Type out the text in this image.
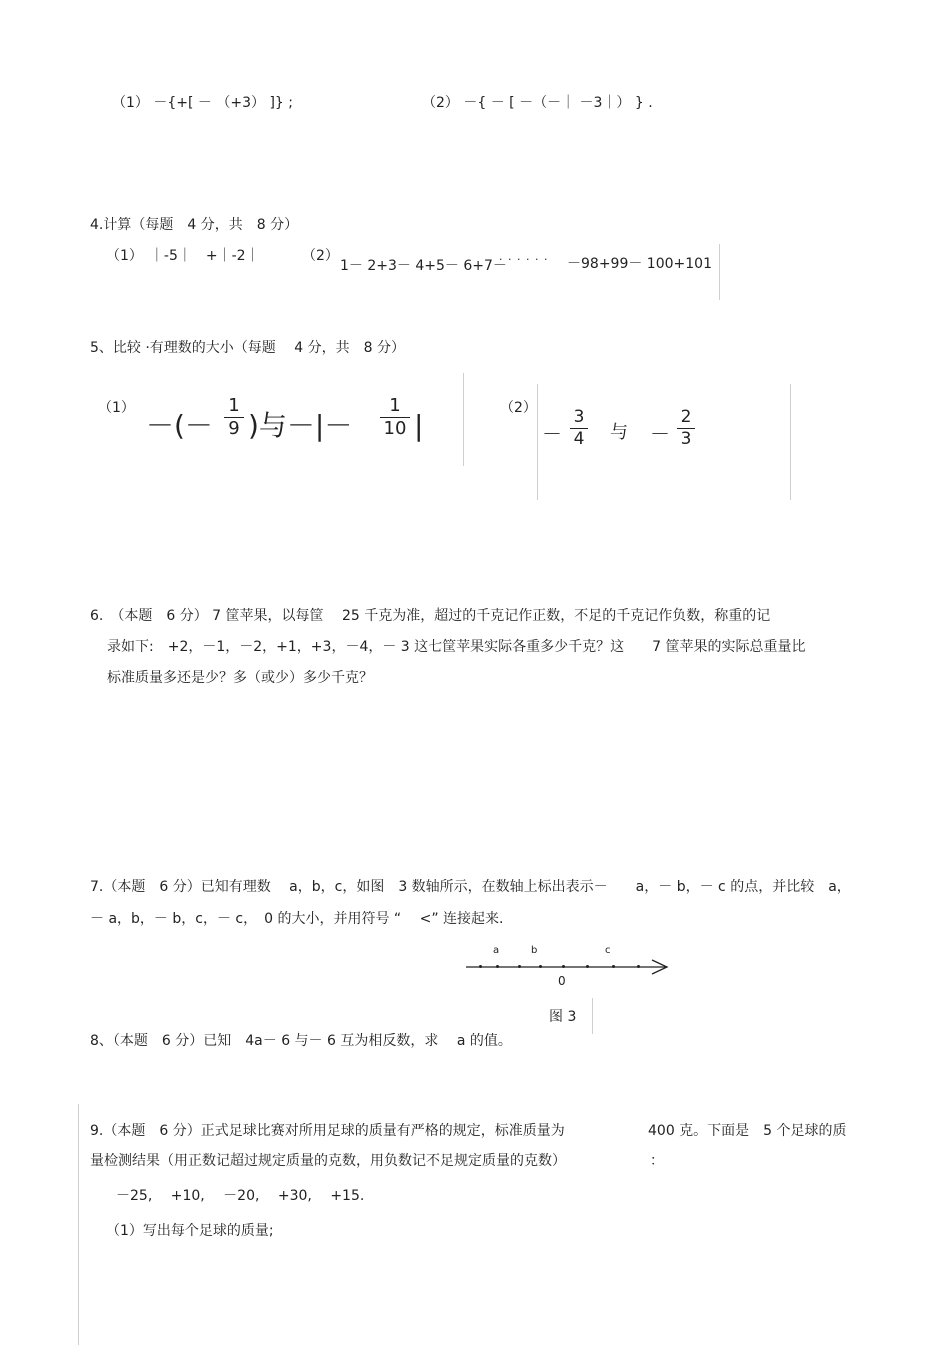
（1） －{+[ － （+3） ]} ;	（2） －{ － [ －（－｜ －3｜） } .
4.计算（每题　4 分，共　8 分）
（1）　｜-5｜　+｜-2｜	（2）
1－ 2+3－ 4+5－ 6+7－
· · · · · · －98+99－ 100+101
5、比较 ·有理数的大小（每题　 4 分，共　8 分）
（1）
－(－
1
9 )与－|－
1
10 |
（2）
－
3
4 与 －
2
3
6.　（本题　6 分） 7 筐苹果，以每筐　 25 千克为准，超过的千克记作正数，不足的千克记作负数，称重的记
录如下:　+2，－1，－2，+1，+3，－4，－ 3 这七筐苹果实际各重多少千克？这　　7 筐苹果的实际总重量比
标准质量多还是少？多（或少）多少千克？
7.（本题　6 分）已知有理数　 a，b，c，如图　3 数轴所示，在数轴上标出表示－　　a，－ b，－ c 的点，并比较　a，
－ a，b，－ b，c，－ c，　0 的大小，并用符号 “　 <” 连接起来.
a	b	c
0
图 3
8、（本题　6 分）已知　4a－ 6 与－ 6 互为相反数，求　 a 的值。
9.（本题　6 分）正式足球比赛对所用足球的质量有严格的规定，标准质量为	400 克。下面是　5 个足球的质
量检测结果（用正数记超过规定质量的克数，用负数记不足规定质量的克数）	：
－25,　 +10,　 －20,　 +30,　 +15.
（1）写出每个足球的质量;
